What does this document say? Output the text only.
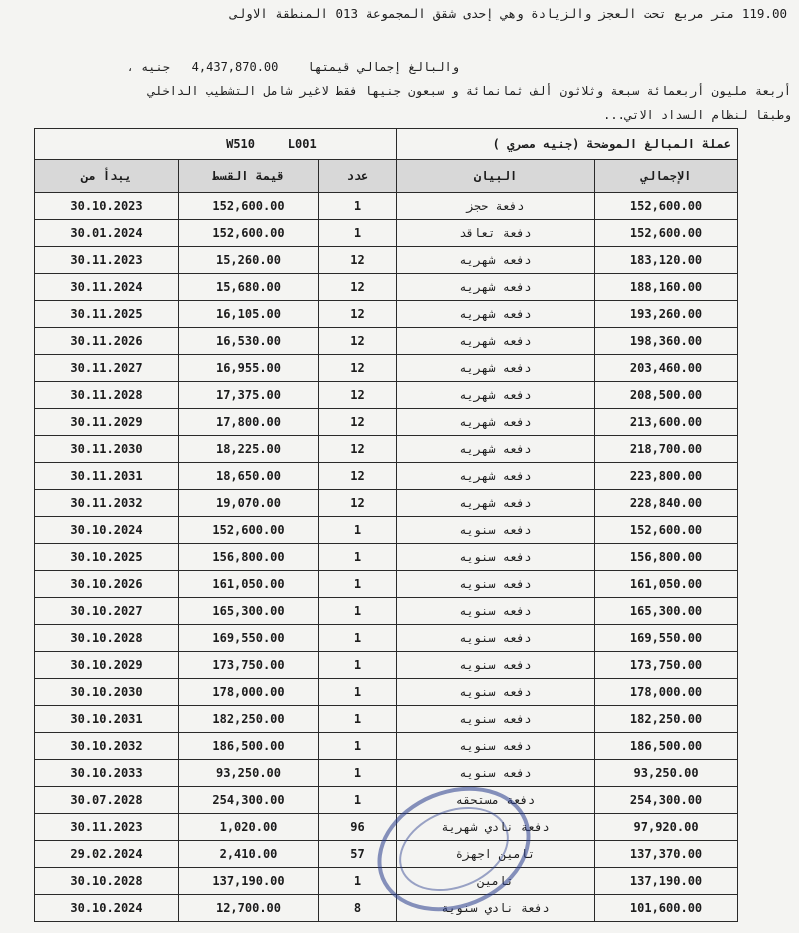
119.00 متر مربع تحت العجز والزيادة وهي إحدى شقق المجموعة 013 المنطقة الاولى
والبالغ إجمالي قيمتها    4,437,870.00   جنيه ،
أربعة مليون أربعمائة سبعة وثلاثون ألف ثمانمائة و سبعون جنيها فقط لاغير شامل التشطيب الداخلي
وطبقا لنظام السداد الاتي...
W510 L001			عملة المبالغ الموضحة (جنيه مصري )	
يبدأ من	قيمة القسط	عدد	البيان	الإجمالي
30.10.2023	152,600.00	1	دفعة حجز	152,600.00
30.01.2024	152,600.00	1	دفعة تعاقد	152,600.00
30.11.2023	15,260.00	12	دفعه شهريه	183,120.00
30.11.2024	15,680.00	12	دفعه شهريه	188,160.00
30.11.2025	16,105.00	12	دفعه شهريه	193,260.00
30.11.2026	16,530.00	12	دفعه شهريه	198,360.00
30.11.2027	16,955.00	12	دفعه شهريه	203,460.00
30.11.2028	17,375.00	12	دفعه شهريه	208,500.00
30.11.2029	17,800.00	12	دفعه شهريه	213,600.00
30.11.2030	18,225.00	12	دفعه شهريه	218,700.00
30.11.2031	18,650.00	12	دفعه شهريه	223,800.00
30.11.2032	19,070.00	12	دفعه شهريه	228,840.00
30.10.2024	152,600.00	1	دفعه سنويه	152,600.00
30.10.2025	156,800.00	1	دفعه سنويه	156,800.00
30.10.2026	161,050.00	1	دفعه سنويه	161,050.00
30.10.2027	165,300.00	1	دفعه سنويه	165,300.00
30.10.2028	169,550.00	1	دفعه سنويه	169,550.00
30.10.2029	173,750.00	1	دفعه سنويه	173,750.00
30.10.2030	178,000.00	1	دفعه سنويه	178,000.00
30.10.2031	182,250.00	1	دفعه سنويه	182,250.00
30.10.2032	186,500.00	1	دفعه سنويه	186,500.00
30.10.2033	93,250.00	1	دفعه سنويه	93,250.00
30.07.2028	254,300.00	1	دفعة مستحقه	254,300.00
30.11.2023	1,020.00	96	دفعة نادي شهرية	97,920.00
29.02.2024	2,410.00	57	تامين اجهزة	137,370.00
30.10.2028	137,190.00	1	تامين	137,190.00
30.10.2024	12,700.00	8	دفعة نادي سنوية	101,600.00
